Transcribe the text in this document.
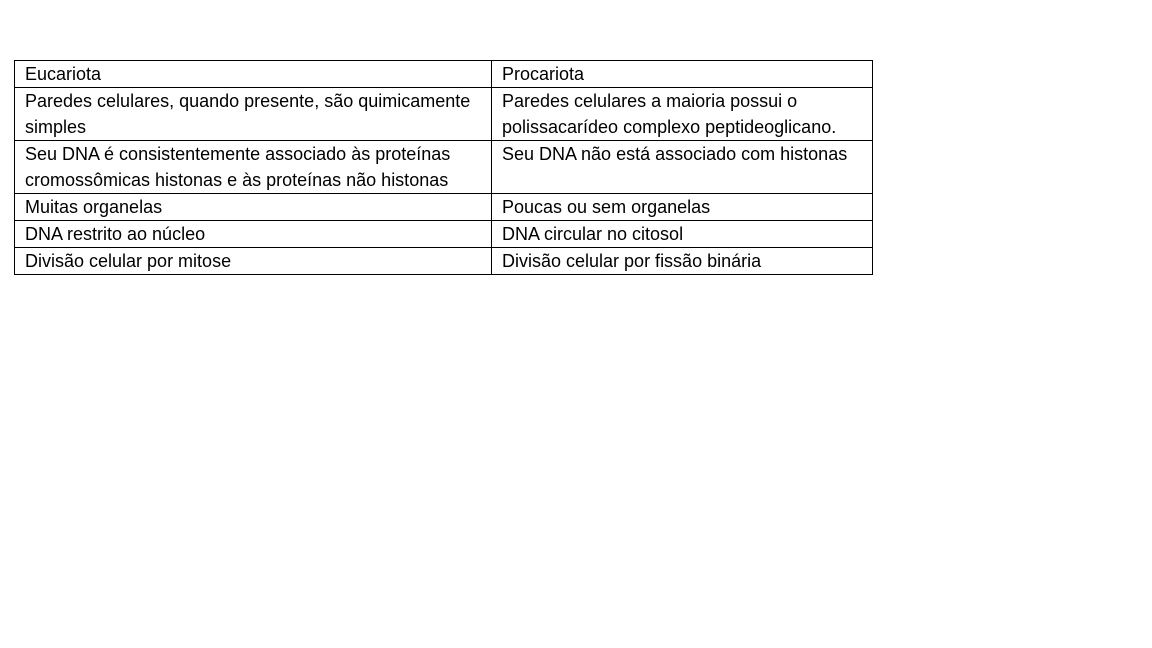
Eucariota	Procariota
Paredes celulares, quando presente, são quimicamente simples	Paredes celulares a maioria possui o polissacarídeo complexo peptideoglicano.
Seu DNA é consistentemente associado às proteínas cromossômicas histonas e às proteínas não histonas	Seu DNA não está associado com histonas
Muitas organelas	Poucas ou sem organelas
DNA restrito ao núcleo	DNA circular no citosol
Divisão celular por mitose	Divisão celular por fissão binária
